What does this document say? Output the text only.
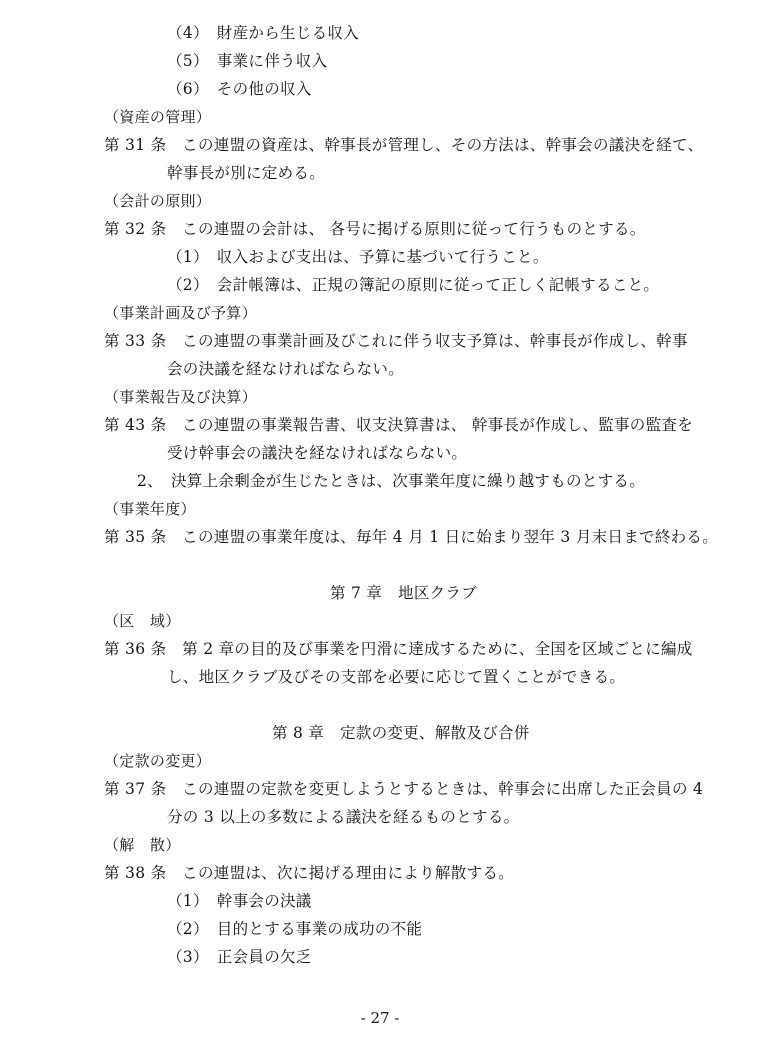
（4）　財産から生じる収入
（5）　事業に伴う収入
（6）　その他の収入
（資産の管理）
第 31 条　この連盟の資産は、幹事長が管理し、その方法は、幹事会の議決を経て、
幹事長が別に定める。
（会計の原則）
第 32 条　この連盟の会計は、 各号に掲げる原則に従って行うものとする。
（1）　収入および支出は、予算に基づいて行うこと。
（2）　会計帳簿は、正規の簿記の原則に従って正しく記帳すること。
（事業計画及び予算）
第 33 条　この連盟の事業計画及びこれに伴う収支予算は、幹事長が作成し、幹事
会の決議を経なければならない。
（事業報告及び決算）
第 43 条　この連盟の事業報告書、収支決算書は、 幹事長が作成し、監事の監査を
受け幹事会の議決を経なければならない。
2、　決算上余剰金が生じたときは、次事業年度に繰り越すものとする。
（事業年度）
第 35 条　この連盟の事業年度は、毎年 4 月 1 日に始まり翌年 3 月末日まで終わる。
第 7 章　地区クラブ
（区　域）
第 36 条　第 2 章の目的及び事業を円滑に達成するために、全国を区域ごとに編成
し、地区クラブ及びその支部を必要に応じて置くことができる。
第 8 章　定款の変更、解散及び合併
（定款の変更）
第 37 条　この連盟の定款を変更しようとするときは、幹事会に出席した正会員の 4
分の 3 以上の多数による議決を経るものとする。
（解　散）
第 38 条　この連盟は、次に掲げる理由により解散する。
（1）　幹事会の決議
（2）　目的とする事業の成功の不能
（3）　正会員の欠乏
- 27 -
